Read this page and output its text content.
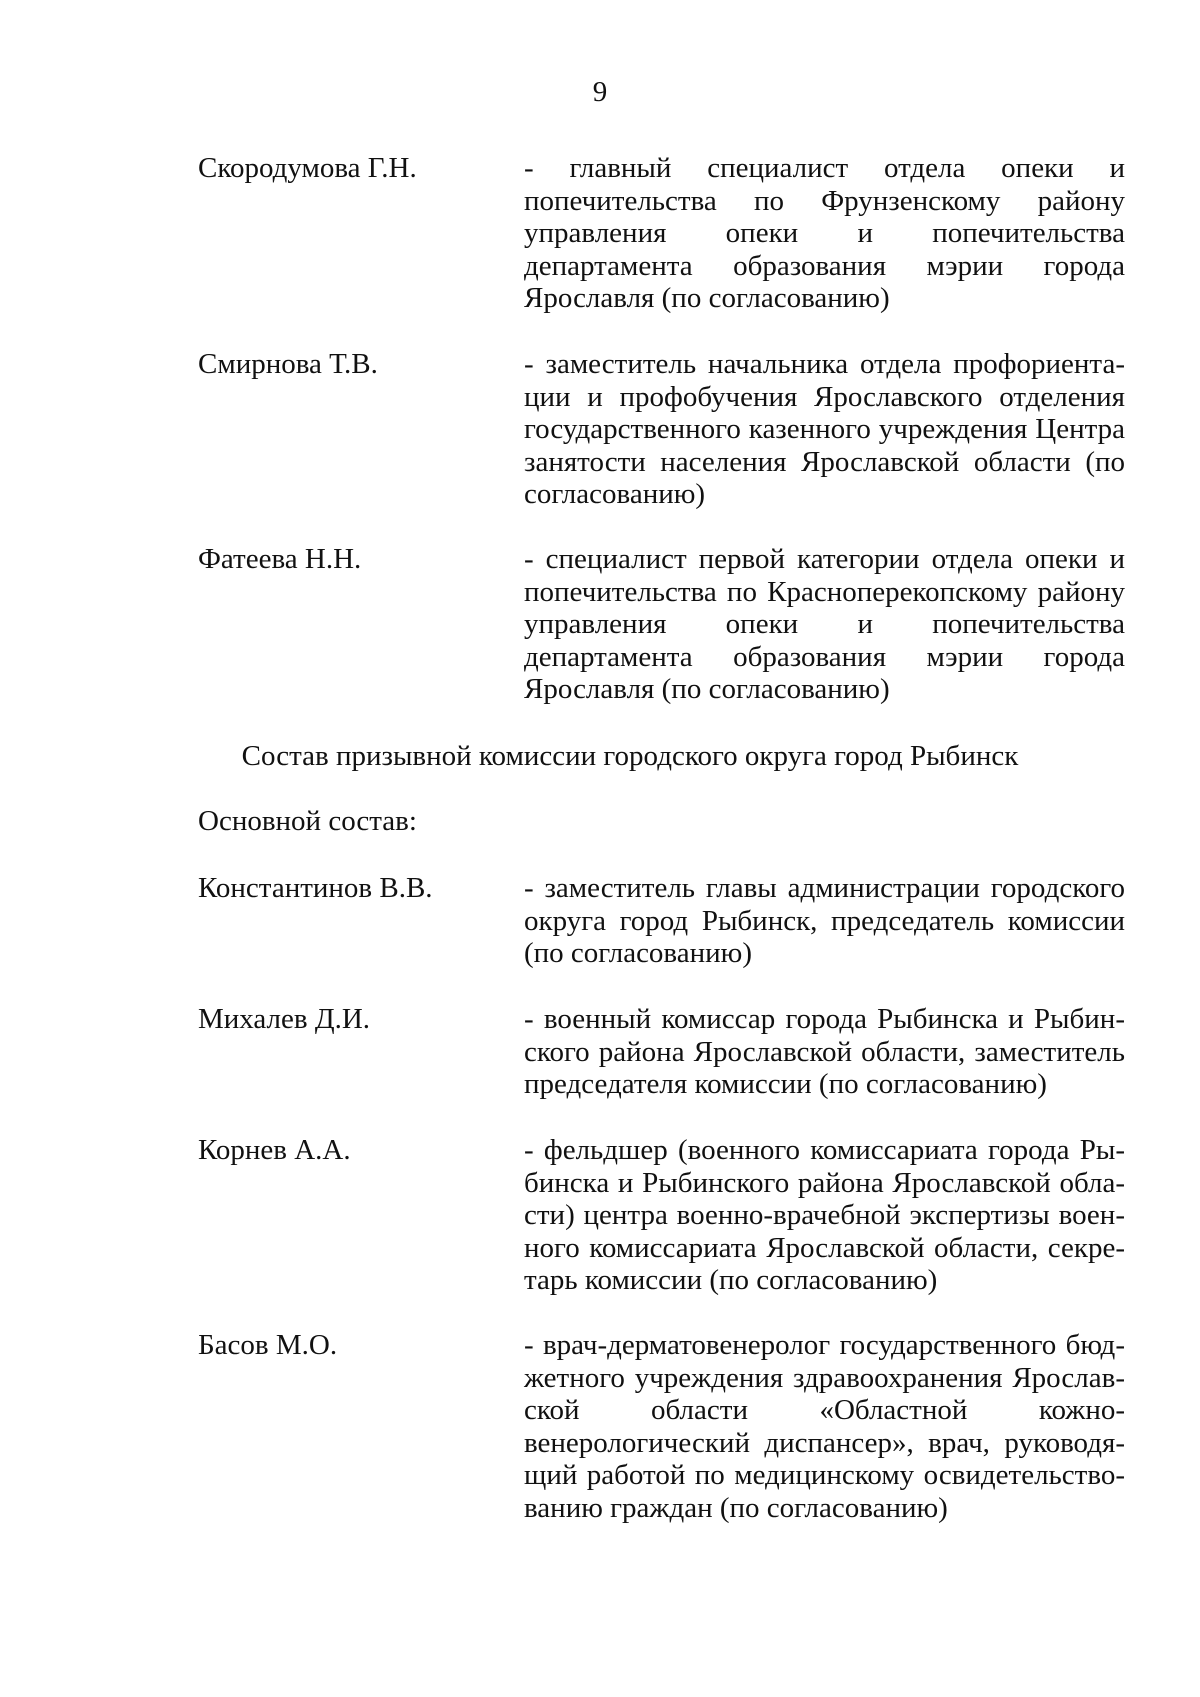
9
Скородумова Г.Н.	- главный специалист отдела опеки и попечительства по Фрунзенскому району управления опеки и попечительства департамента образования мэрии города Ярославля (по согласованию)
Смирнова Т.В.	- заместитель начальника отдела профориентации и профобучения Ярославского отделения государственного казенного учреждения Центра занятости населения Ярославской области (по согласованию)
Фатеева Н.Н.	- специалист первой категории отдела опеки и попечительства по Красноперекопскому району управления опеки и попечительства департамента образования мэрии города Ярославля (по согласованию)
Состав призывной комиссии городского округа город Рыбинск
Основной состав:
Константинов В.В.	- заместитель главы администрации городского округа город Рыбинск, председатель комиссии (по согласованию)
Михалев Д.И.	- военный комиссар города Рыбинска и Рыбинского района Ярославской области, заместитель председателя комиссии (по согласованию)
Корнев А.А.	- фельдшер (военного комиссариата города Рыбинска и Рыбинского района Ярославской области) центра военно-врачебной экспертизы военного комиссариата Ярославской области, секретарь комиссии (по согласованию)
Басов М.О.	- врач-дерматовенеролог государственного бюджетного учреждения здравоохранения Ярославской области «Областной кожно-венерологический диспансер», врач, руководящий работой по медицинскому освидетельствованию граждан (по согласованию)
